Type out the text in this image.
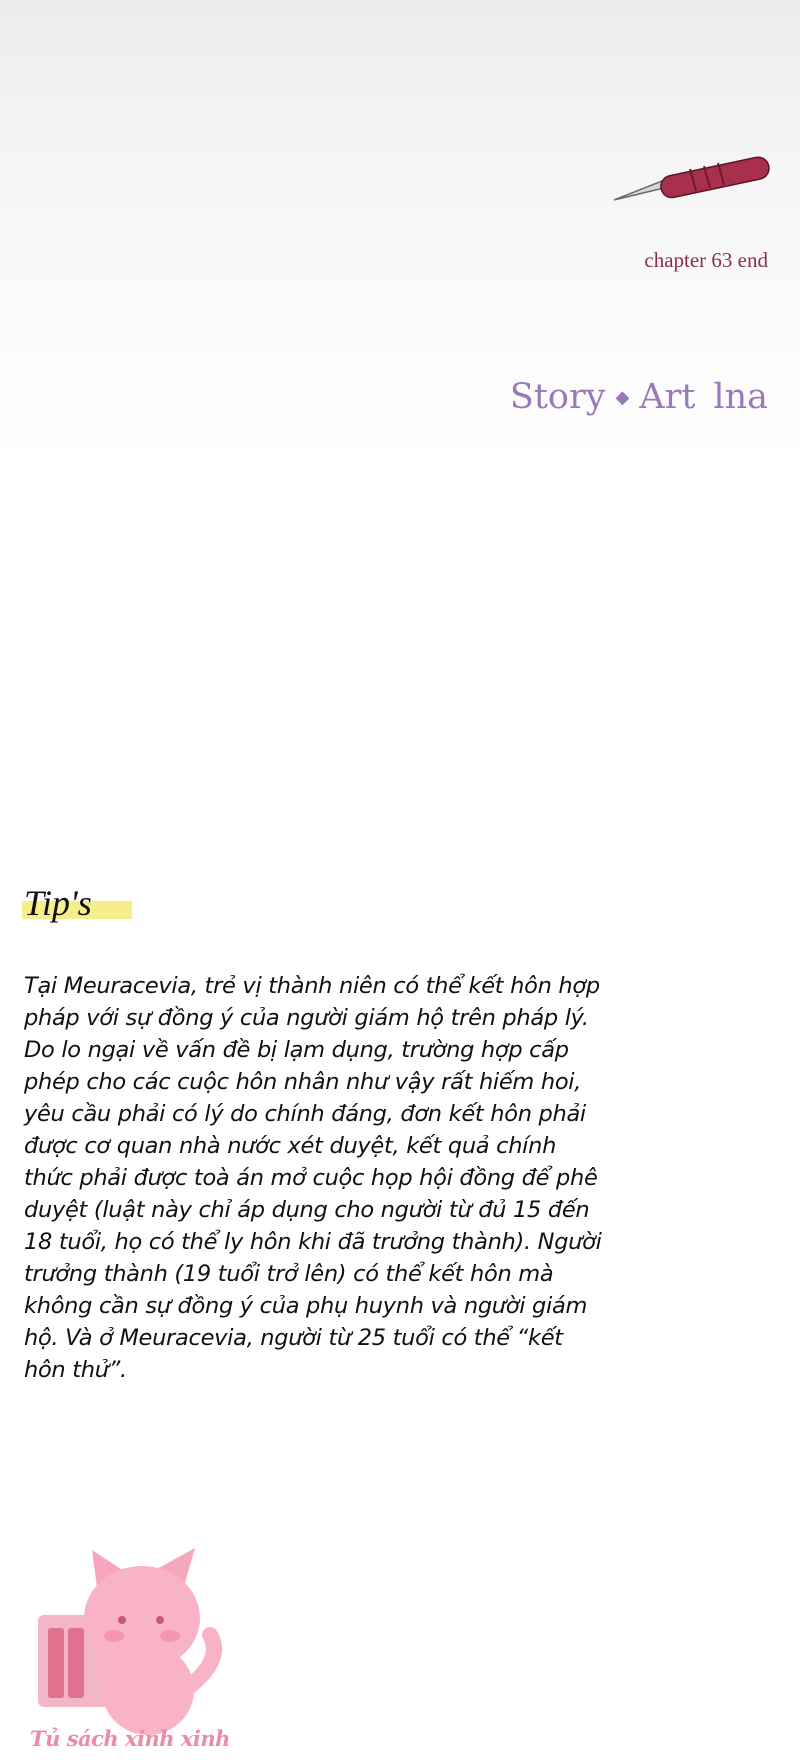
chapter 63 end
Story ◆ Art lna
Tip's
Tại Meuracevia, trẻ vị thành niên có thể kết hôn hợp pháp với sự đồng ý của người giám hộ trên pháp lý. Do lo ngại về vấn đề bị lạm dụng, trường hợp cấp phép cho các cuộc hôn nhân như vậy rất hiếm hoi, yêu cầu phải có lý do chính đáng, đơn kết hôn phải được cơ quan nhà nước xét duyệt, kết quả chính thức phải được toà án mở cuộc họp hội đồng để phê duyệt (luật này chỉ áp dụng cho người từ đủ 15 đến 18 tuổi, họ có thể ly hôn khi đã trưởng thành). Người trưởng thành (19 tuổi trở lên) có thể kết hôn mà không cần sự đồng ý của phụ huynh và người giám hộ. Và ở Meuracevia, người từ 25 tuổi có thể “kết hôn thử”.
Tủ sách xinh xinh
